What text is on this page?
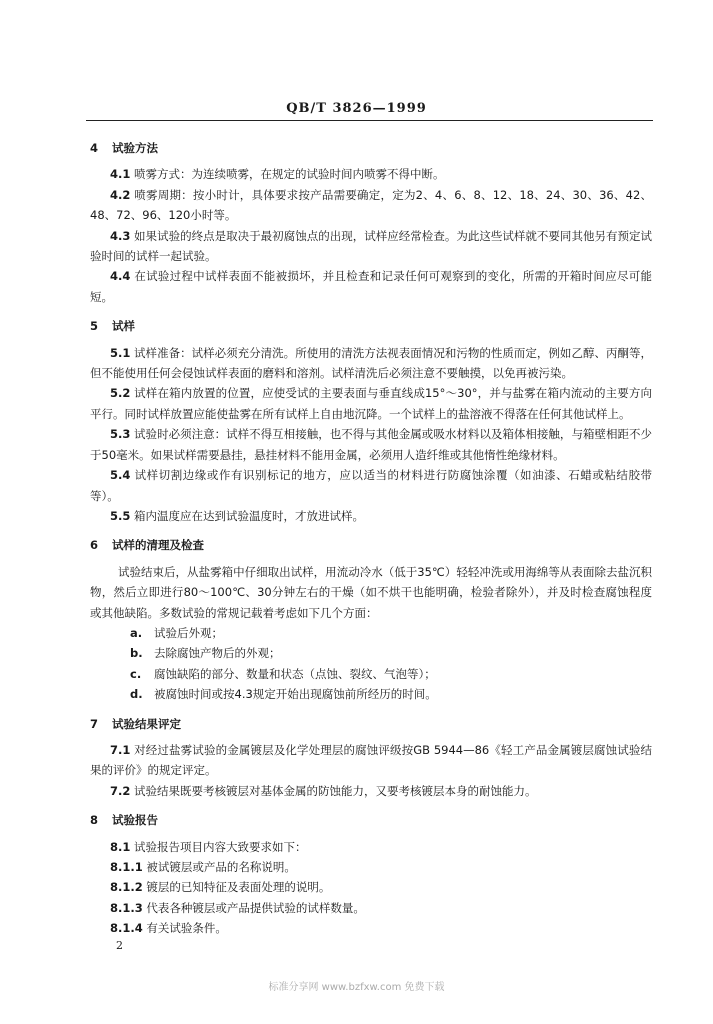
QB/T 3826—1999
4 试验方法
4.1 喷雾方式：为连续喷雾，在规定的试验时间内喷雾不得中断。
4.2 喷雾周期：按小时计，具体要求按产品需要确定，定为2、4、6、8、12、18、24、30、36、42、48、72、96、120小时等。
4.3 如果试验的终点是取决于最初腐蚀点的出现，试样应经常检查。为此这些试样就不要同其他另有预定试验时间的试样一起试验。
4.4 在试验过程中试样表面不能被损坏，并且检查和记录任何可观察到的变化，所需的开箱时间应尽可能短。
5 试样
5.1 试样准备：试样必须充分清洗。所使用的清洗方法视表面情况和污物的性质而定，例如乙醇、丙酮等，但不能使用任何会侵蚀试样表面的磨料和溶剂。试样清洗后必须注意不要触摸，以免再被污染。
5.2 试样在箱内放置的位置，应使受试的主要表面与垂直线成15°～30°，并与盐雾在箱内流动的主要方向平行。同时试样放置应能使盐雾在所有试样上自由地沉降。一个试样上的盐溶液不得落在任何其他试样上。
5.3 试验时必须注意：试样不得互相接触，也不得与其他金属或吸水材料以及箱体相接触，与箱壁相距不少于50毫米。如果试样需要悬挂，悬挂材料不能用金属，必须用人造纤维或其他惰性绝缘材料。
5.4 试样切割边缘或作有识别标记的地方，应以适当的材料进行防腐蚀涂覆（如油漆、石蜡或粘结胶带等）。
5.5 箱内温度应在达到试验温度时，才放进试样。
6 试样的清理及检查
试验结束后，从盐雾箱中仔细取出试样，用流动冷水（低于35℃）轻轻冲洗或用海绵等从表面除去盐沉积物，然后立即进行80～100℃、30分钟左右的干燥（如不烘干也能明确，检验者除外），并及时检查腐蚀程度或其他缺陷。多数试验的常规记载着考虑如下几个方面：
a. 试验后外观；
b. 去除腐蚀产物后的外观；
c. 腐蚀缺陷的部分、数量和状态（点蚀、裂纹、气泡等）；
d. 被腐蚀时间或按4.3规定开始出现腐蚀前所经历的时间。
7 试验结果评定
7.1 对经过盐雾试验的金属镀层及化学处理层的腐蚀评级按GB 5944—86《轻工产品金属镀层腐蚀试验结果的评价》的规定评定。
7.2 试验结果既要考核镀层对基体金属的防蚀能力，又要考核镀层本身的耐蚀能力。
8 试验报告
8.1 试验报告项目内容大致要求如下：
8.1.1 被试镀层或产品的名称说明。
8.1.2 镀层的已知特征及表面处理的说明。
8.1.3 代表各种镀层或产品提供试验的试样数量。
8.1.4 有关试验条件。
2
标准分享网 www.bzfxw.com 免费下载
